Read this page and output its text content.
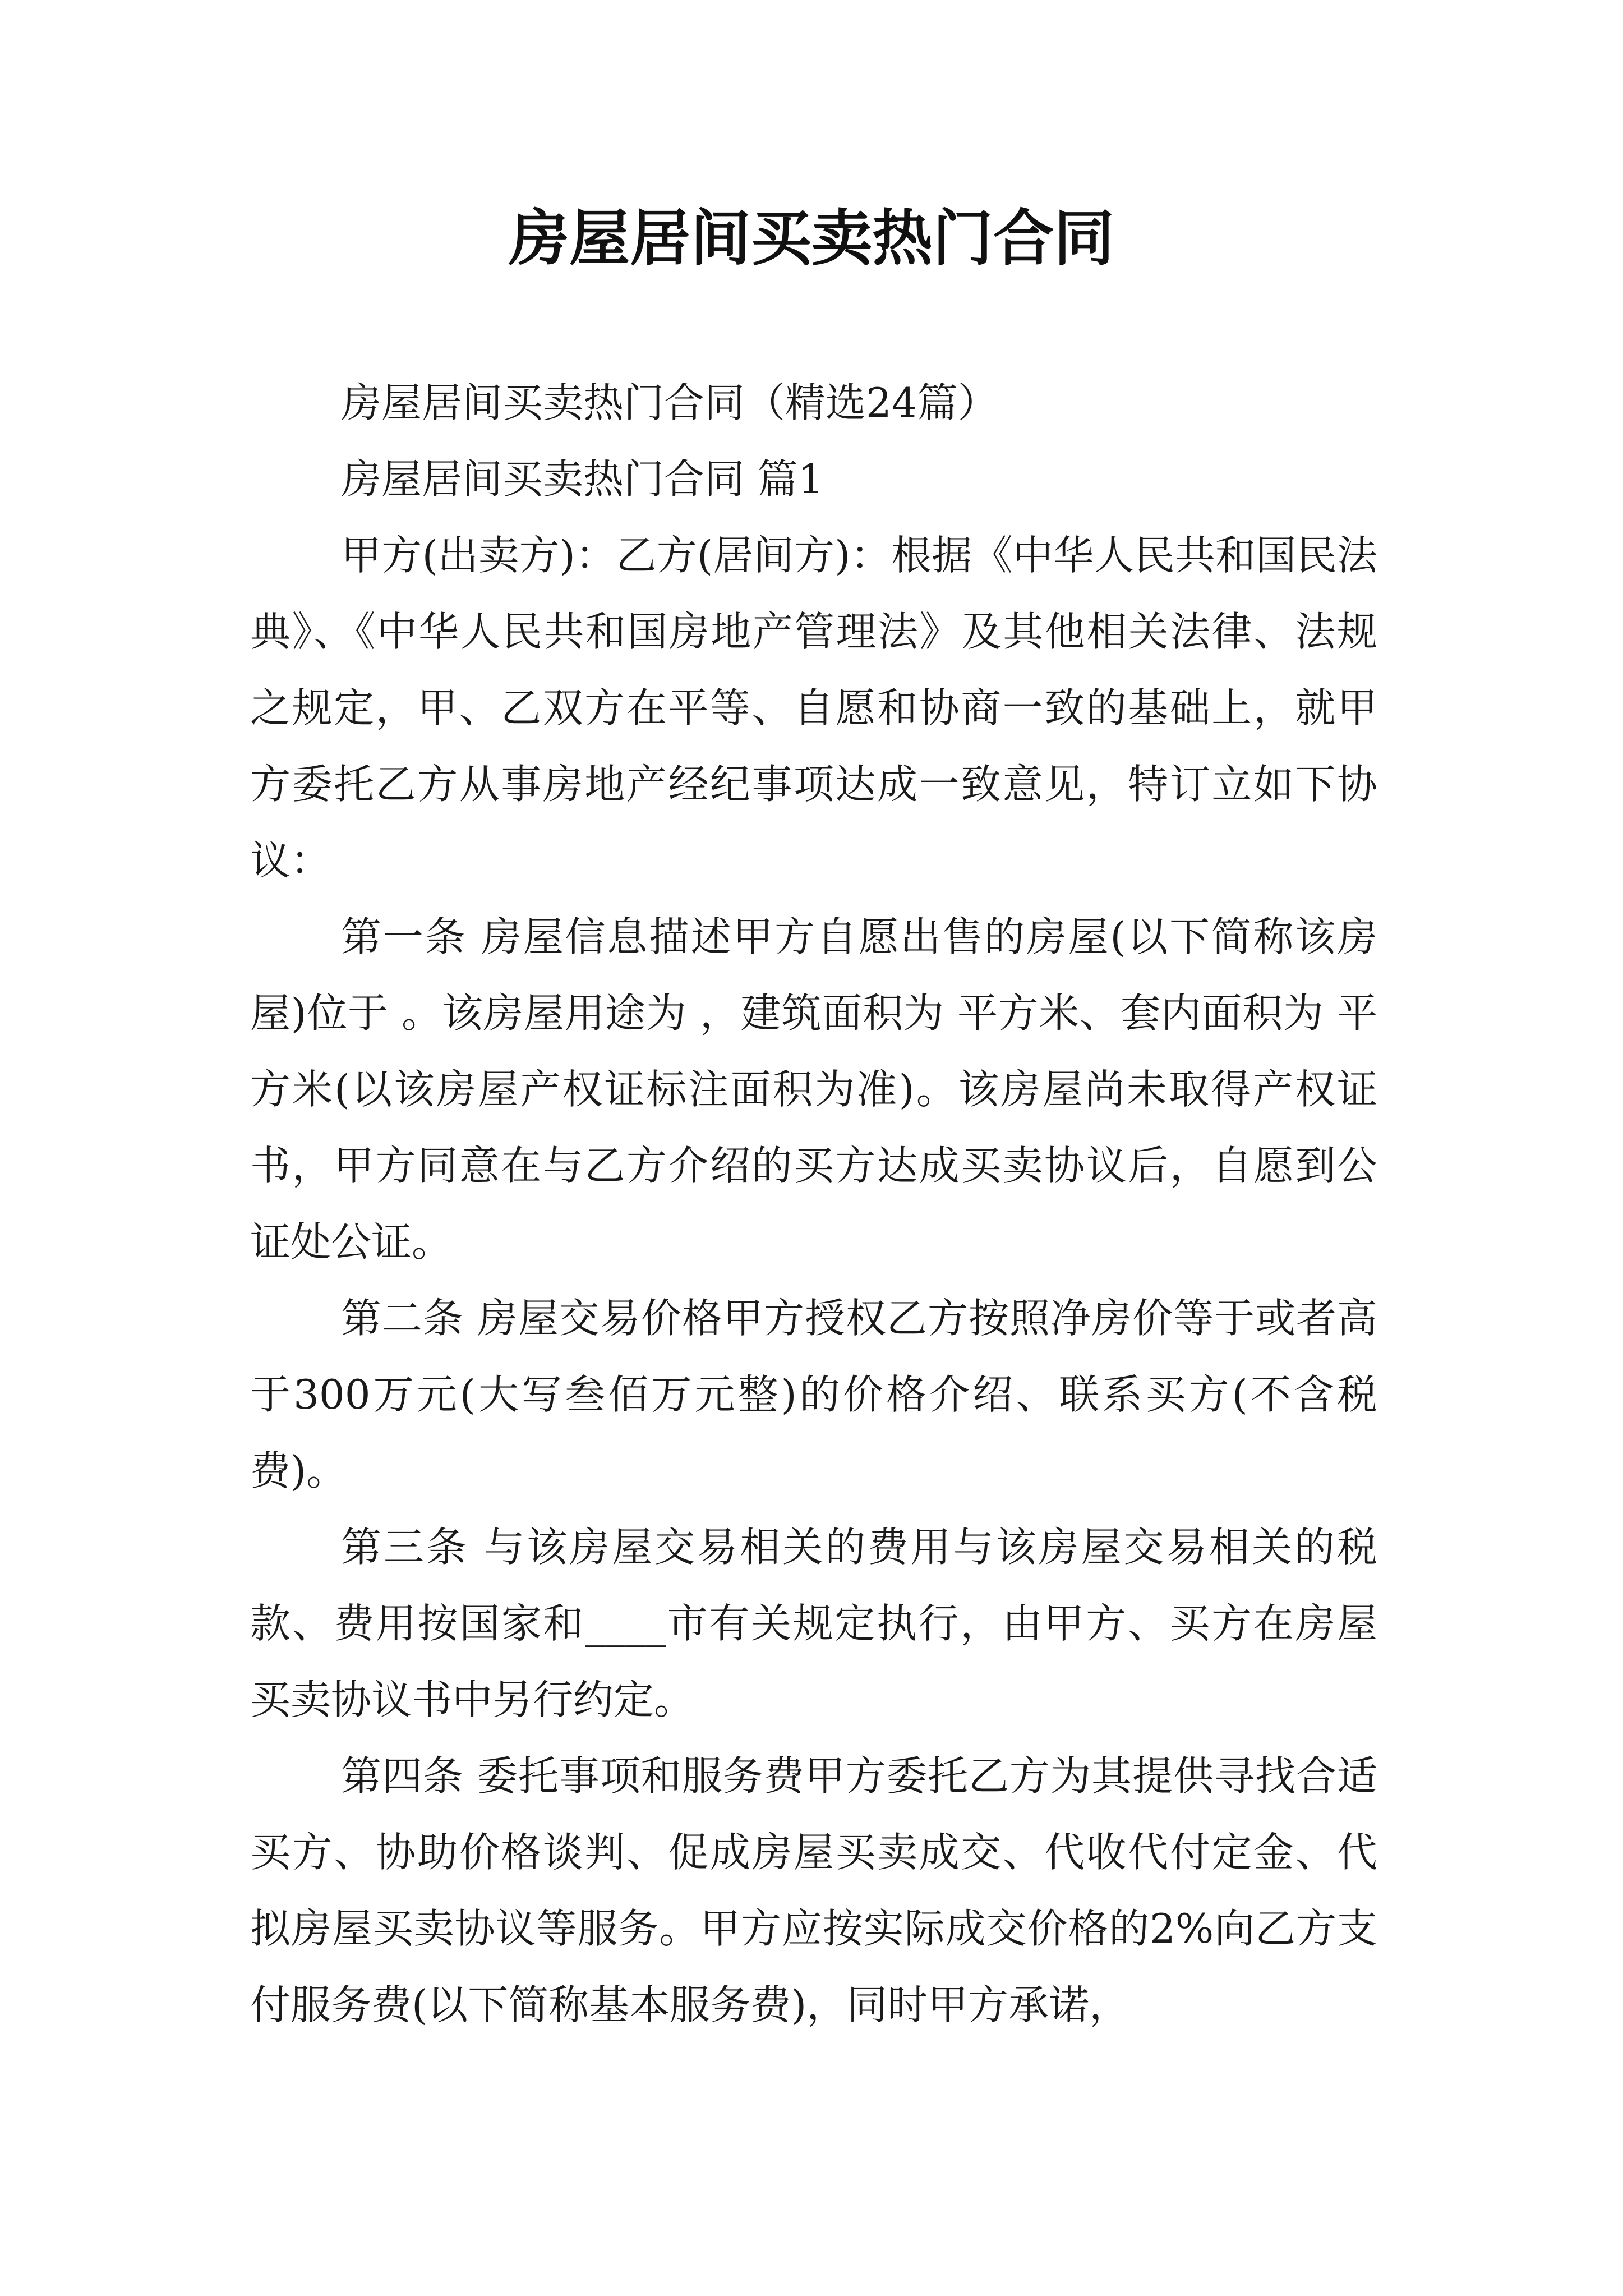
房屋居间买卖热门合同

房屋居间买卖热门合同（精选24篇）

房屋居间买卖热门合同 篇1

甲方(出卖方)：乙方(居间方)：根据《中华人民共和国民法典》、《中华人民共和国房地产管理法》及其他相关法律、法规之规定，甲、乙双方在平等、自愿和协商一致的基础上，就甲方委托乙方从事房地产经纪事项达成一致意见，特订立如下协议：

第一条 房屋信息描述甲方自愿出售的房屋(以下简称该房屋)位于 。该房屋用途为 ，建筑面积为 平方米、套内面积为 平方米(以该房屋产权证标注面积为准)。该房屋尚未取得产权证书，甲方同意在与乙方介绍的买方达成买卖协议后，自愿到公证处公证。

第二条 房屋交易价格甲方授权乙方按照净房价等于或者高于300万元(大写叁佰万元整)的价格介绍、联系买方(不含税费)。

第三条 与该房屋交易相关的费用与该房屋交易相关的税款、费用按国家和____市有关规定执行，由甲方、买方在房屋买卖协议书中另行约定。

第四条 委托事项和服务费甲方委托乙方为其提供寻找合适买方、协助价格谈判、促成房屋买卖成交、代收代付定金、代拟房屋买卖协议等服务。甲方应按实际成交价格的2%向乙方支付服务费(以下简称基本服务费)，同时甲方承诺，
